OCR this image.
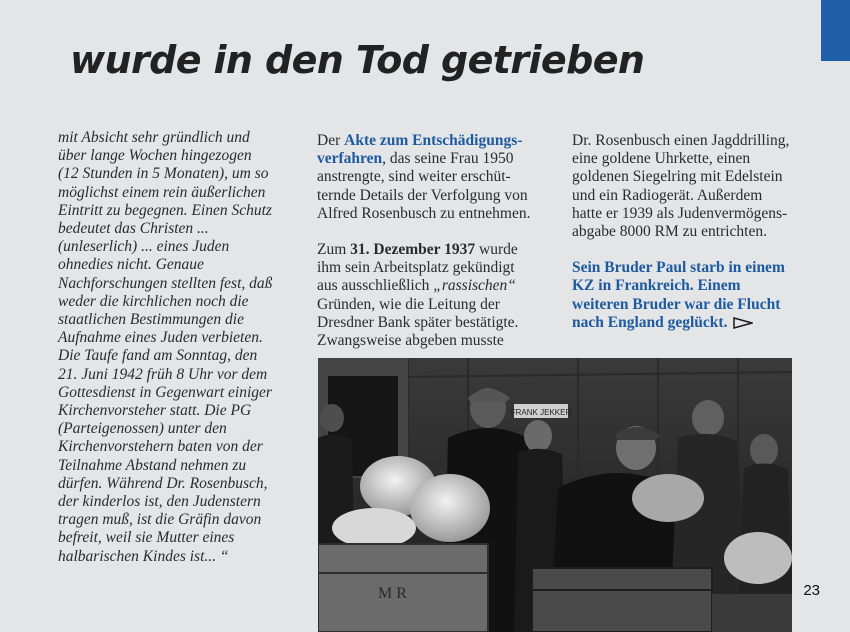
wurde in den Tod getrieben
mit Absicht sehr gründlich und
über lange Wochen hingezogen
(12 Stunden in 5 Monaten), um so
möglichst einem rein äußerlichen
Eintritt zu begegnen. Einen Schutz
bedeutet das Christen ...
(unleserlich) ... eines Juden
ohnedies nicht. Genaue
Nachforschungen stellten fest, daß
weder die kirchlichen noch die
staatlichen Bestimmungen die
Aufnahme eines Juden verbieten.
Die Taufe fand am Sonntag, den
21. Juni 1942 früh 8 Uhr vor dem
Gottesdienst in Gegenwart einiger
Kirchenvorsteher statt. Die PG
(Parteigenossen) unter den
Kirchenvorstehern baten von der
Teilnahme Abstand nehmen zu
dürfen. Während Dr. Rosenbusch,
der kinderlos ist, den Judenstern
tragen muß, ist die Gräfin davon
befreit, weil sie Mutter eines
halbarischen Kindes ist... “

Der Akte zum Entschädigungs-
verfahren, das seine Frau 1950
anstrengte, sind weiter erschüt-
ternde Details der Verfolgung von
Alfred Rosenbusch zu entnehmen.

Zum 31. Dezember 1937 wurde
ihm sein Arbeitsplatz gekündigt
aus ausschließlich „rassischen“
Gründen, wie die Leitung der
Dresdner Bank später bestätigte.
Zwangsweise abgeben musste

Dr. Rosenbusch einen Jagddrilling,
eine goldene Uhrkette, einen
goldenen Siegelring mit Edelstein
und ein Radiogerät. Außerdem
hatte er 1939 als Judenvermögens-
abgabe 8000 RM zu entrichten.

Sein Bruder Paul starb in einem
KZ in Frankreich. Einem
weiteren Bruder war die Flucht
nach England geglückt.

FRANK JEKKER
M R	23
